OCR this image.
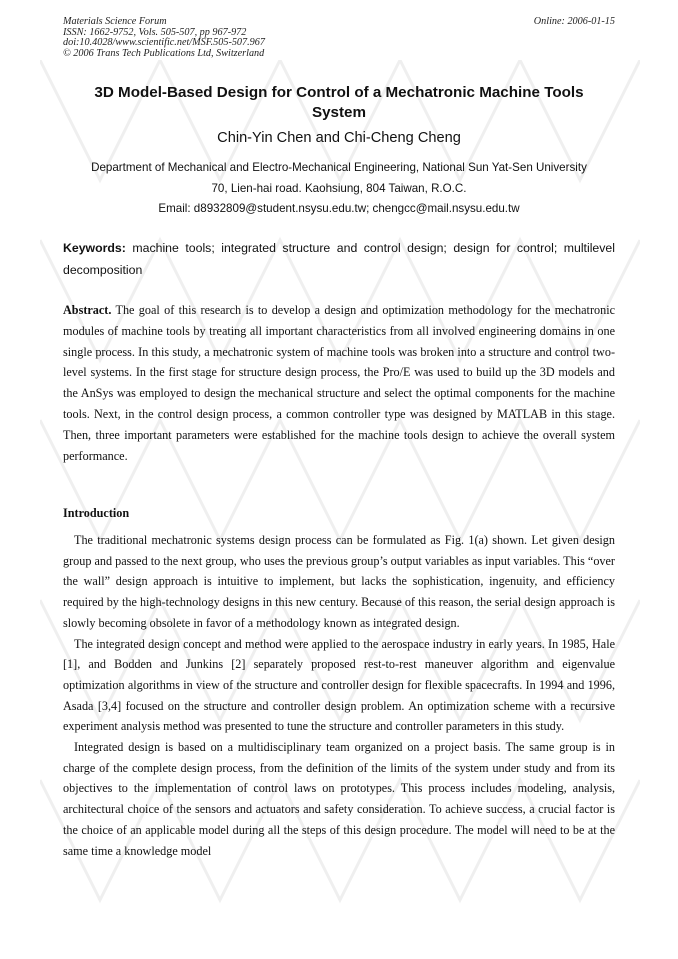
Materials Science Forum
ISSN: 1662-9752, Vols. 505-507, pp 967-972
doi:10.4028/www.scientific.net/MSF.505-507.967
© 2006 Trans Tech Publications Ltd, Switzerland
Online: 2006-01-15
3D Model-Based Design for Control of a Mechatronic Machine Tools System
Chin-Yin Chen and Chi-Cheng Cheng
Department of Mechanical and Electro-Mechanical Engineering, National Sun Yat-Sen University
70, Lien-hai road. Kaohsiung, 804 Taiwan, R.O.C.
Email: d8932809@student.nsysu.edu.tw; chengcc@mail.nsysu.edu.tw
Keywords: machine tools; integrated structure and control design; design for control; multilevel decomposition
Abstract. The goal of this research is to develop a design and optimization methodology for the mechatronic modules of machine tools by treating all important characteristics from all involved engineering domains in one single process. In this study, a mechatronic system of machine tools was broken into a structure and control two-level systems. In the first stage for structure design process, the Pro/E was used to build up the 3D models and the AnSys was employed to design the mechanical structure and select the optimal components for the machine tools. Next, in the control design process, a common controller type was designed by MATLAB in this stage. Then, three important parameters were established for the machine tools design to achieve the overall system performance.
Introduction

The traditional mechatronic systems design process can be formulated as Fig. 1(a) shown. Let given design group and passed to the next group, who uses the previous group’s output variables as input variables. This “over the wall” design approach is intuitive to implement, but lacks the sophistication, ingenuity, and efficiency required by the high-technology designs in this new century. Because of this reason, the serial design approach is slowly becoming obsolete in favor of a methodology known as integrated design.

The integrated design concept and method were applied to the aerospace industry in early years. In 1985, Hale [1], and Bodden and Junkins [2] separately proposed rest-to-rest maneuver algorithm and eigenvalue optimization algorithms in view of the structure and controller design for flexible spacecrafts. In 1994 and 1996, Asada [3,4] focused on the structure and controller design problem. An optimization scheme with a recursive experiment analysis method was presented to tune the structure and controller parameters in this study.

Integrated design is based on a multidisciplinary team organized on a project basis. The same group is in charge of the complete design process, from the definition of the limits of the system under study and from its objectives to the implementation of control laws on prototypes. This process includes modeling, analysis, architectural choice of the sensors and actuators and safety consideration. To achieve success, a crucial factor is the choice of an applicable model during all the steps of this design procedure. The model will need to be at the same time a knowledge model
